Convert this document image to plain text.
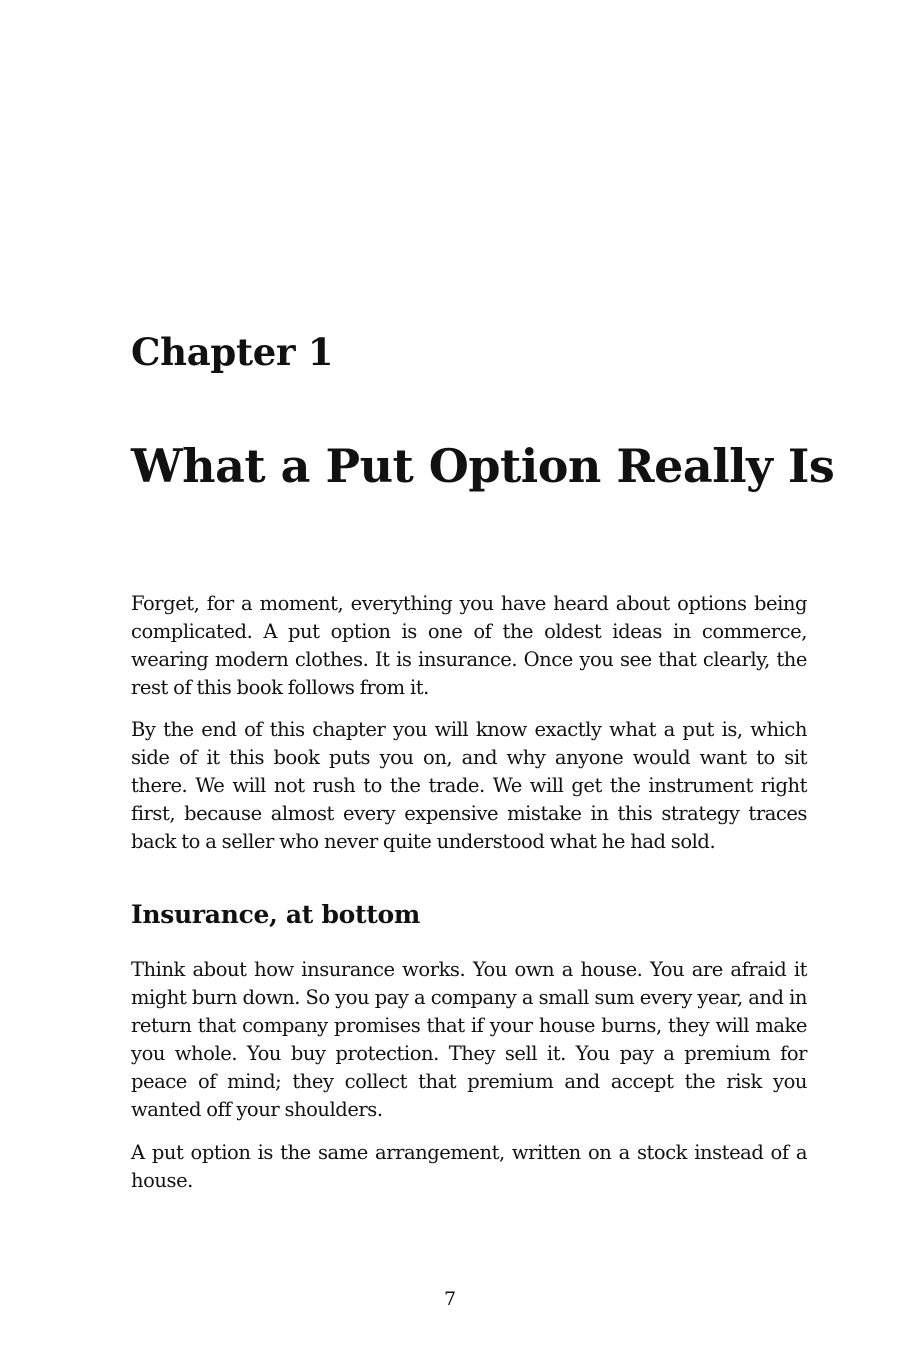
Chapter 1
What a Put Option Really Is

Forget, for a moment, everything you have heard about options being complicated. A put option is one of the oldest ideas in commerce, wearing modern clothes. It is insurance. Once you see that clearly, the rest of this book follows from it.

By the end of this chapter you will know exactly what a put is, which side of it this book puts you on, and why anyone would want to sit there. We will not rush to the trade. We will get the instrument right first, because almost every expensive mistake in this strategy traces back to a seller who never quite understood what he had sold.

Insurance, at bottom

Think about how insurance works. You own a house. You are afraid it might burn down. So you pay a company a small sum every year, and in return that company promises that if your house burns, they will make you whole. You buy protection. They sell it. You pay a premium for peace of mind; they collect that premium and accept the risk you wanted off your shoulders.

A put option is the same arrangement, written on a stock instead of a house.

7
